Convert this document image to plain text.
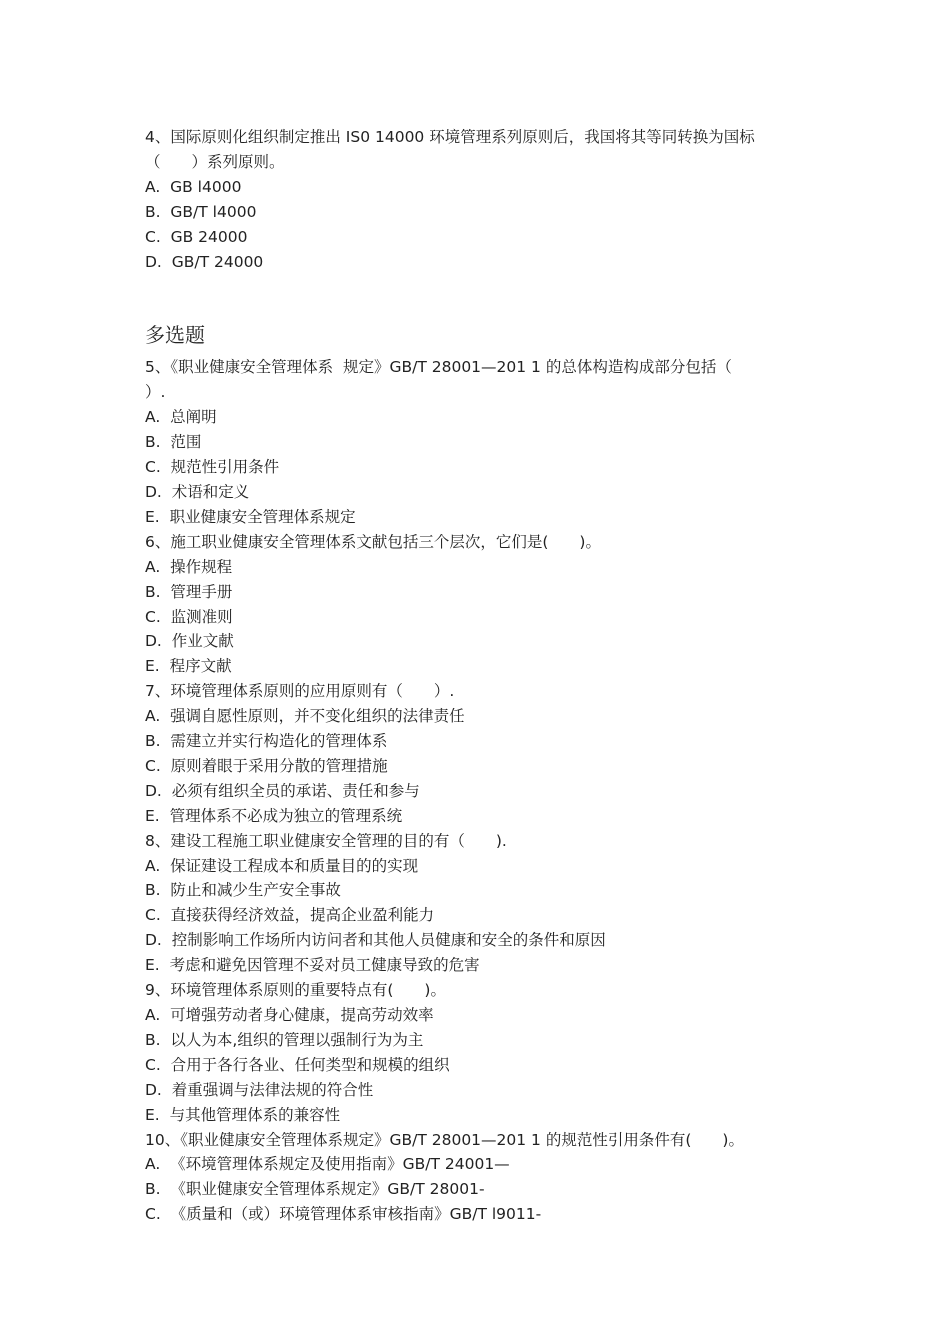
4、国际原则化组织制定推出 IS0 14000 环境管理系列原则后，我国将其等同转换为国标

（　　）系列原则。

A.  GB l4000

B.  GB/T l4000

C.  GB 24000

D.  GB/T 24000

多选题

5、《职业健康安全管理体系  规定》GB/T 28001—201 1 的总体构造构成部分包括（

）.

A.  总阐明

B.  范围

C.  规范性引用条件

D.  术语和定义

E.  职业健康安全管理体系规定

6、施工职业健康安全管理体系文献包括三个层次，它们是(　　)。

A.  操作规程

B.  管理手册

C.  监测准则

D.  作业文献

E.  程序文献

7、环境管理体系原则的应用原则有（　　）.

A.  强调自愿性原则，并不变化组织的法律责任

B.  需建立并实行构造化的管理体系

C.  原则着眼于采用分散的管理措施

D.  必须有组织全员的承诺、责任和参与

E.  管理体系不必成为独立的管理系统

8、建设工程施工职业健康安全管理的目的有（　　).

A.  保证建设工程成本和质量目的的实现

B.  防止和减少生产安全事故

C.  直接获得经济效益，提高企业盈利能力

D.  控制影响工作场所内访问者和其他人员健康和安全的条件和原因

E.  考虑和避免因管理不妥对员工健康导致的危害

9、环境管理体系原则的重要特点有(　　)。

A.  可增强劳动者身心健康，提高劳动效率

B.  以人为本,组织的管理以强制行为为主

C.  合用于各行各业、任何类型和规模的组织

D.  着重强调与法律法规的符合性

E.  与其他管理体系的兼容性

10、《职业健康安全管理体系规定》GB/T 28001—201 1 的规范性引用条件有(　　)。

A.  《环境管理体系规定及使用指南》GB/T 24001—

B.  《职业健康安全管理体系规定》GB/T 28001-

C.  《质量和（或）环境管理体系审核指南》GB/T l9011-
